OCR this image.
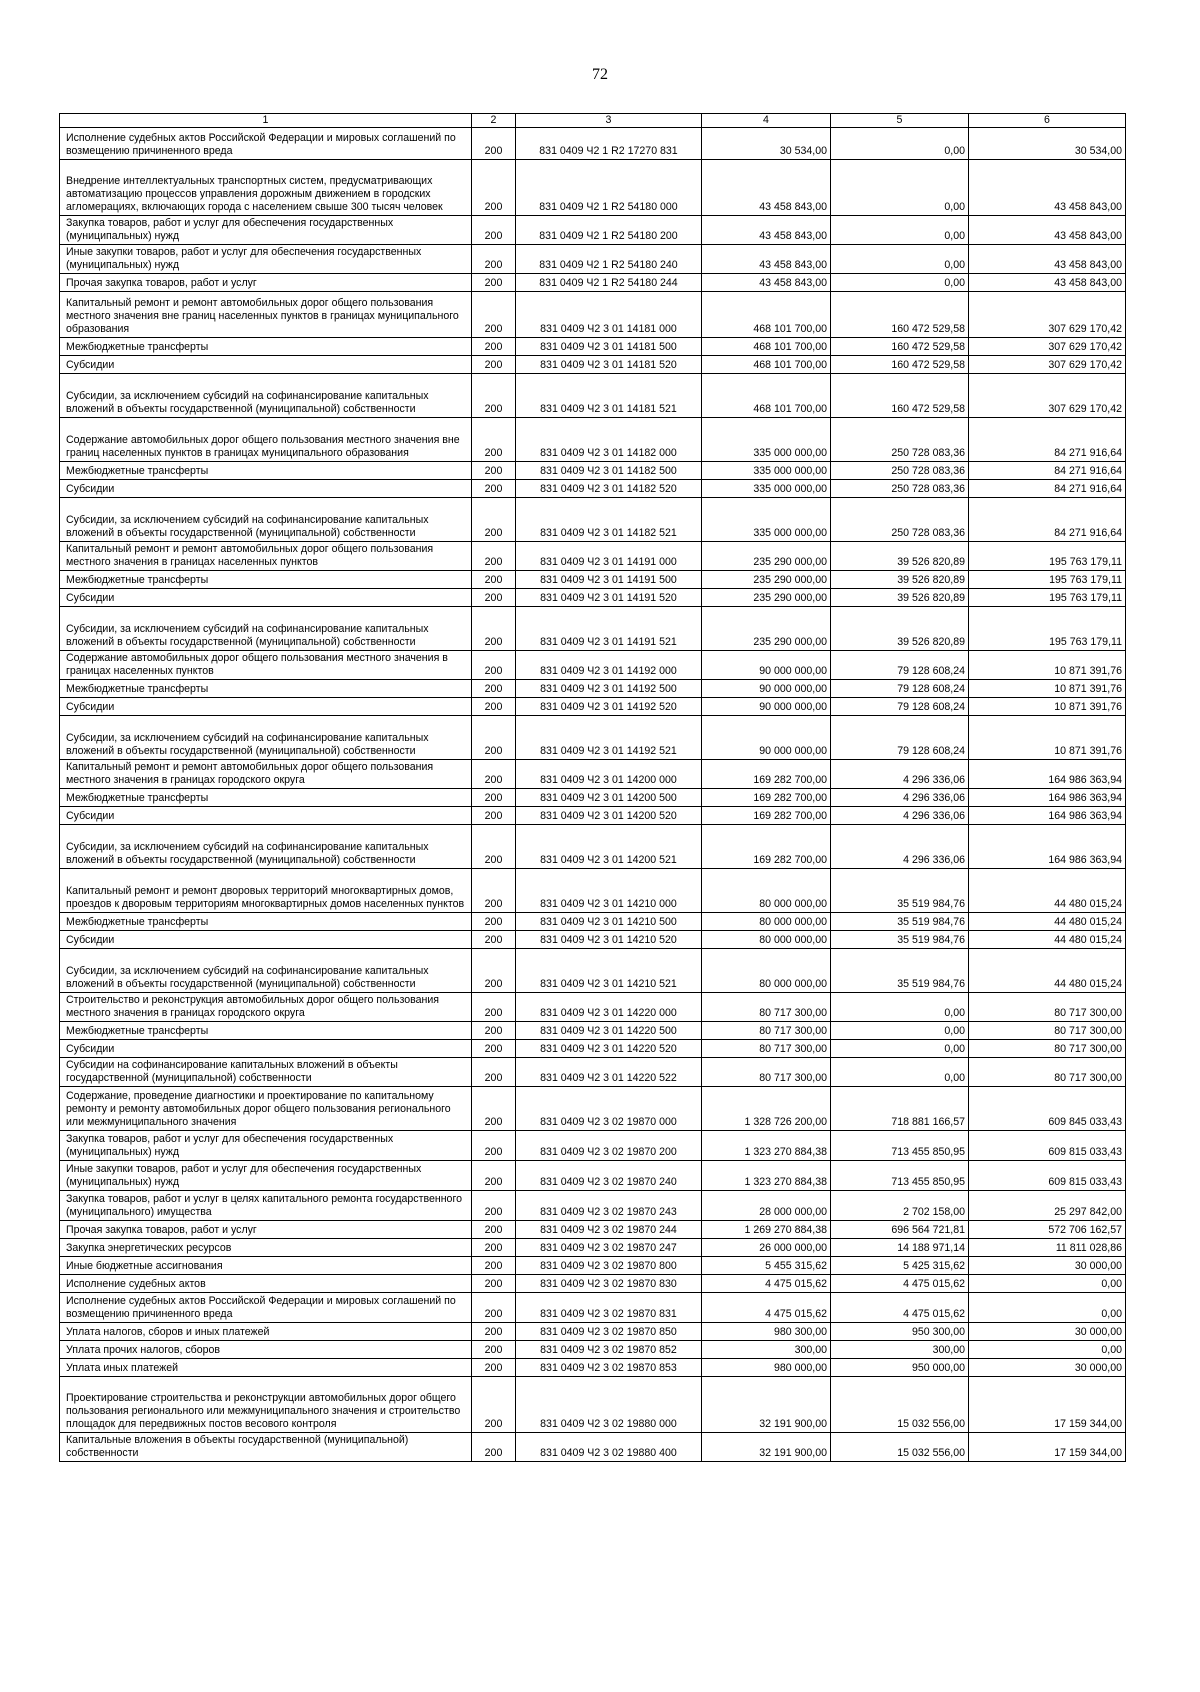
72
1	2	3	4	5	6
Исполнение судебных актов Российской Федерации и мировых соглашений по возмещению причиненного вреда	200	831 0409 Ч2 1 R2 17270 831	30 534,00	0,00	30 534,00
Внедрение интеллектуальных транспортных систем, предусматривающих автоматизацию процессов управления дорожным движением в городских агломерациях, включающих города с населением свыше 300 тысяч человек	200	831 0409 Ч2 1 R2 54180 000	43 458 843,00	0,00	43 458 843,00
Закупка товаров, работ и услуг для обеспечения государственных (муниципальных) нужд	200	831 0409 Ч2 1 R2 54180 200	43 458 843,00	0,00	43 458 843,00
Иные закупки товаров, работ и услуг для обеспечения государственных (муниципальных) нужд	200	831 0409 Ч2 1 R2 54180 240	43 458 843,00	0,00	43 458 843,00
Прочая закупка товаров, работ и услуг	200	831 0409 Ч2 1 R2 54180 244	43 458 843,00	0,00	43 458 843,00
Капитальный ремонт и ремонт автомобильных дорог общего пользования местного значения вне границ населенных пунктов в границах муниципального образования	200	831 0409 Ч2 3 01 14181 000	468 101 700,00	160 472 529,58	307 629 170,42
Межбюджетные трансферты	200	831 0409 Ч2 3 01 14181 500	468 101 700,00	160 472 529,58	307 629 170,42
Субсидии	200	831 0409 Ч2 3 01 14181 520	468 101 700,00	160 472 529,58	307 629 170,42
Субсидии, за исключением субсидий на софинансирование капитальных вложений в объекты государственной (муниципальной) собственности	200	831 0409 Ч2 3 01 14181 521	468 101 700,00	160 472 529,58	307 629 170,42
Содержание автомобильных дорог общего пользования местного значения вне границ населенных пунктов в границах муниципального образования	200	831 0409 Ч2 3 01 14182 000	335 000 000,00	250 728 083,36	84 271 916,64
Межбюджетные трансферты	200	831 0409 Ч2 3 01 14182 500	335 000 000,00	250 728 083,36	84 271 916,64
Субсидии	200	831 0409 Ч2 3 01 14182 520	335 000 000,00	250 728 083,36	84 271 916,64
Субсидии, за исключением субсидий на софинансирование капитальных вложений в объекты государственной (муниципальной) собственности	200	831 0409 Ч2 3 01 14182 521	335 000 000,00	250 728 083,36	84 271 916,64
Капитальный ремонт и ремонт автомобильных дорог общего пользования местного значения в границах населенных пунктов	200	831 0409 Ч2 3 01 14191 000	235 290 000,00	39 526 820,89	195 763 179,11
Межбюджетные трансферты	200	831 0409 Ч2 3 01 14191 500	235 290 000,00	39 526 820,89	195 763 179,11
Субсидии	200	831 0409 Ч2 3 01 14191 520	235 290 000,00	39 526 820,89	195 763 179,11
Субсидии, за исключением субсидий на софинансирование капитальных вложений в объекты государственной (муниципальной) собственности	200	831 0409 Ч2 3 01 14191 521	235 290 000,00	39 526 820,89	195 763 179,11
Содержание автомобильных дорог общего пользования местного значения в границах населенных пунктов	200	831 0409 Ч2 3 01 14192 000	90 000 000,00	79 128 608,24	10 871 391,76
Межбюджетные трансферты	200	831 0409 Ч2 3 01 14192 500	90 000 000,00	79 128 608,24	10 871 391,76
Субсидии	200	831 0409 Ч2 3 01 14192 520	90 000 000,00	79 128 608,24	10 871 391,76
Субсидии, за исключением субсидий на софинансирование капитальных вложений в объекты государственной (муниципальной) собственности	200	831 0409 Ч2 3 01 14192 521	90 000 000,00	79 128 608,24	10 871 391,76
Капитальный ремонт и ремонт автомобильных дорог общего пользования местного значения в границах городского округа	200	831 0409 Ч2 3 01 14200 000	169 282 700,00	4 296 336,06	164 986 363,94
Межбюджетные трансферты	200	831 0409 Ч2 3 01 14200 500	169 282 700,00	4 296 336,06	164 986 363,94
Субсидии	200	831 0409 Ч2 3 01 14200 520	169 282 700,00	4 296 336,06	164 986 363,94
Субсидии, за исключением субсидий на софинансирование капитальных вложений в объекты государственной (муниципальной) собственности	200	831 0409 Ч2 3 01 14200 521	169 282 700,00	4 296 336,06	164 986 363,94
Капитальный ремонт и ремонт дворовых территорий многоквартирных домов, проездов к дворовым территориям многоквартирных домов населенных пунктов	200	831 0409 Ч2 3 01 14210 000	80 000 000,00	35 519 984,76	44 480 015,24
Межбюджетные трансферты	200	831 0409 Ч2 3 01 14210 500	80 000 000,00	35 519 984,76	44 480 015,24
Субсидии	200	831 0409 Ч2 3 01 14210 520	80 000 000,00	35 519 984,76	44 480 015,24
Субсидии, за исключением субсидий на софинансирование капитальных вложений в объекты государственной (муниципальной) собственности	200	831 0409 Ч2 3 01 14210 521	80 000 000,00	35 519 984,76	44 480 015,24
Строительство и реконструкция автомобильных дорог общего пользования местного значения в границах городского округа	200	831 0409 Ч2 3 01 14220 000	80 717 300,00	0,00	80 717 300,00
Межбюджетные трансферты	200	831 0409 Ч2 3 01 14220 500	80 717 300,00	0,00	80 717 300,00
Субсидии	200	831 0409 Ч2 3 01 14220 520	80 717 300,00	0,00	80 717 300,00
Субсидии на софинансирование капитальных вложений в объекты государственной (муниципальной) собственности	200	831 0409 Ч2 3 01 14220 522	80 717 300,00	0,00	80 717 300,00
Содержание, проведение диагностики и проектирование по капитальному ремонту и ремонту автомобильных дорог общего пользования регионального или межмуниципального значения	200	831 0409 Ч2 3 02 19870 000	1 328 726 200,00	718 881 166,57	609 845 033,43
Закупка товаров, работ и услуг для обеспечения государственных (муниципальных) нужд	200	831 0409 Ч2 3 02 19870 200	1 323 270 884,38	713 455 850,95	609 815 033,43
Иные закупки товаров, работ и услуг для обеспечения государственных (муниципальных) нужд	200	831 0409 Ч2 3 02 19870 240	1 323 270 884,38	713 455 850,95	609 815 033,43
Закупка товаров, работ и услуг в целях капитального ремонта государственного (муниципального) имущества	200	831 0409 Ч2 3 02 19870 243	28 000 000,00	2 702 158,00	25 297 842,00
Прочая закупка товаров, работ и услуг	200	831 0409 Ч2 3 02 19870 244	1 269 270 884,38	696 564 721,81	572 706 162,57
Закупка энергетических ресурсов	200	831 0409 Ч2 3 02 19870 247	26 000 000,00	14 188 971,14	11 811 028,86
Иные бюджетные ассигнования	200	831 0409 Ч2 3 02 19870 800	5 455 315,62	5 425 315,62	30 000,00
Исполнение судебных актов	200	831 0409 Ч2 3 02 19870 830	4 475 015,62	4 475 015,62	0,00
Исполнение судебных актов Российской Федерации и мировых соглашений по возмещению причиненного вреда	200	831 0409 Ч2 3 02 19870 831	4 475 015,62	4 475 015,62	0,00
Уплата налогов, сборов и иных платежей	200	831 0409 Ч2 3 02 19870 850	980 300,00	950 300,00	30 000,00
Уплата прочих налогов, сборов	200	831 0409 Ч2 3 02 19870 852	300,00	300,00	0,00
Уплата иных платежей	200	831 0409 Ч2 3 02 19870 853	980 000,00	950 000,00	30 000,00
Проектирование строительства и реконструкции автомобильных дорог общего пользования регионального или межмуниципального значения и строительство площадок для передвижных постов весового контроля	200	831 0409 Ч2 3 02 19880 000	32 191 900,00	15 032 556,00	17 159 344,00
Капитальные вложения в объекты государственной (муниципальной) собственности	200	831 0409 Ч2 3 02 19880 400	32 191 900,00	15 032 556,00	17 159 344,00
